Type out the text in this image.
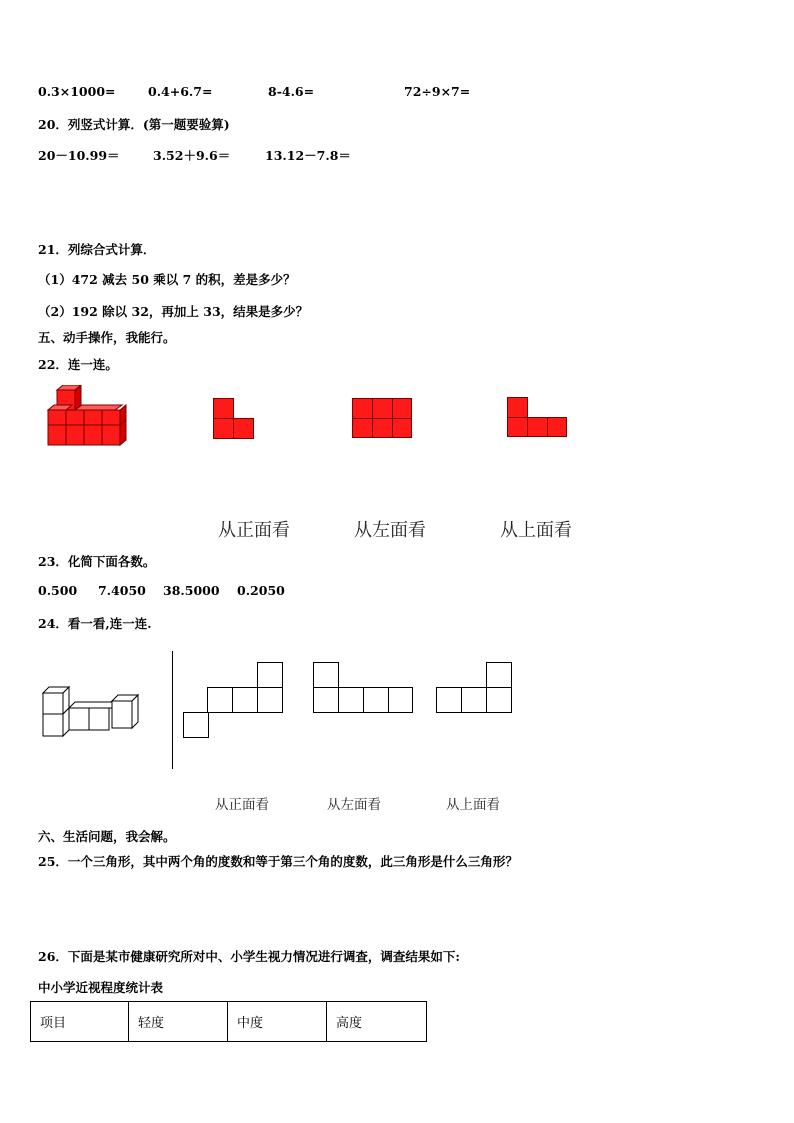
0.3×1000=	0.4+6.7=	8-4.6=	72÷9×7=
20．列竖式计算．(第一题要验算)
20－10.99＝	3.52＋9.6＝	13.12－7.8＝
21．列综合式计算．
（1）472 减去 50 乘以 7 的积，差是多少？
（2）192 除以 32，再加上 33，结果是多少？
五、动手操作，我能行。
22．连一连。
从正面看	从左面看	从上面看
23．化简下面各数。
0.500 7.4050 38.5000 0.2050
24．看一看,连一连.
从正面看	从左面看	从上面看
六、生活问题，我会解。
25．一个三角形，其中两个角的度数和等于第三个角的度数，此三角形是什么三角形？
26．下面是某市健康研究所对中、小学生视力情况进行调查，调查结果如下:
中小学近视程度统计表
项目	轻度	中度	高度
